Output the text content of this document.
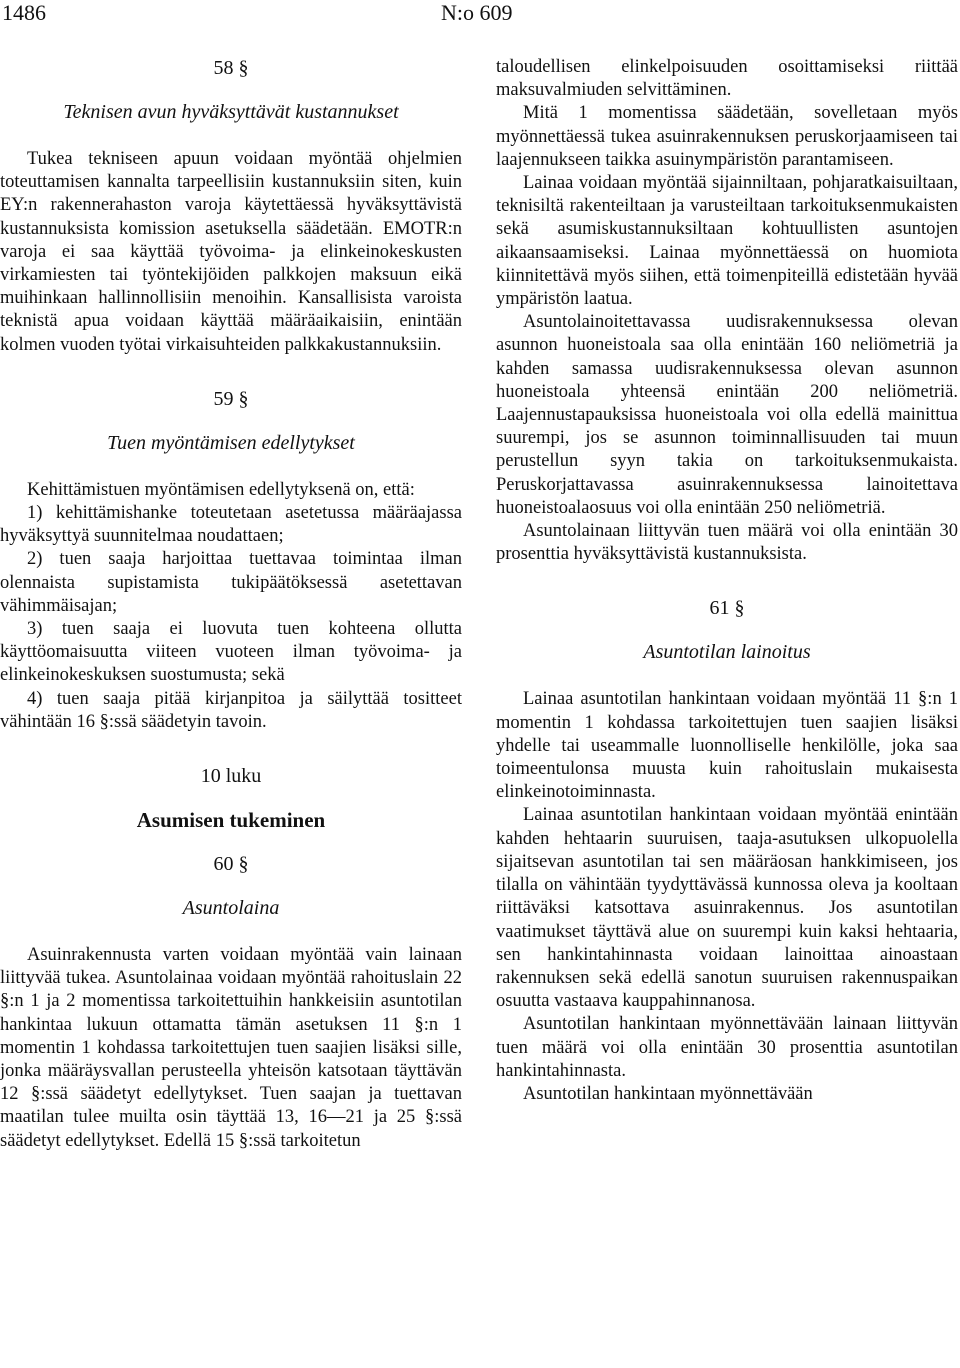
1486	N:o 609
58 §
Teknisen avun hyväksyttävät kustannukset

Tukea tekniseen apuun voidaan myöntää ohjelmien toteuttamisen kannalta tarpeellisiin kustannuksiin siten, kuin EY:n rakennerahaston varoja käytettäessä hyväksyttävistä kustannuksista komission asetuksella säädetään. EMOTR:n varoja ei saa käyttää työvoima- ja elinkeinokeskusten virkamiesten tai työntekijöiden palkkojen maksuun eikä muihinkaan hallinnollisiin menoihin. Kansallisista varoista teknistä apua voidaan käyttää määräaikaisiin, enintään kolmen vuoden työtai virkaisuhteiden palkkakustannuksiin.

59 §
Tuen myöntämisen edellytykset

Kehittämistuen myöntämisen edellytyksenä on, että:

1) kehittämishanke toteutetaan asetetussa määräajassa hyväksyttyä suunnitelmaa noudattaen;

2) tuen saaja harjoittaa tuettavaa toimintaa ilman olennaista supistamista tukipäätöksessä asetettavan vähimmäisajan;

3) tuen saaja ei luovuta tuen kohteena ollutta käyttöomaisuutta viiteen vuoteen ilman työvoima- ja elinkeinokeskuksen suostumusta; sekä

4) tuen saaja pitää kirjanpitoa ja säilyttää tositteet vähintään 16 §:ssä säädetyin tavoin.

10 luku
Asumisen tukeminen
60 §
Asuntolaina

Asuinrakennusta varten voidaan myöntää vain lainaan liittyvää tukea. Asuntolainaa voidaan myöntää rahoituslain 22 §:n 1 ja 2 momentissa tarkoitettuihin hankkeisiin asuntotilan hankintaa lukuun ottamatta tämän asetuksen 11 §:n 1 momentin 1 kohdassa tarkoitettujen tuen saajien lisäksi sille, jonka määräysvallan perusteella yhteisön katsotaan täyttävän 12 §:ssä säädetyt edellytykset. Tuen saajan ja tuettavan maatilan tulee muilta osin täyttää 13, 16—21 ja 25 §:ssä säädetyt edellytykset. Edellä 15 §:ssä tarkoitetun

taloudellisen elinkelpoisuuden osoittamiseksi riittää maksuvalmiuden selvittäminen.

Mitä 1 momentissa säädetään, sovelletaan myös myönnettäessä tukea asuinrakennuksen peruskorjaamiseen tai laajennukseen taikka asuinympäristön parantamiseen.

Lainaa voidaan myöntää sijainniltaan, pohjaratkaisuiltaan, teknisiltä rakenteiltaan ja varusteiltaan tarkoituksenmukaisten sekä asumiskustannuksiltaan kohtuullisten asuntojen aikaansaamiseksi. Lainaa myönnettäessä on huomiota kiinnitettävä myös siihen, että toimenpiteillä edistetään hyvää ympäristön laatua.

Asuntolainoitettavassa uudisrakennuksessa olevan asunnon huoneistoala saa olla enintään 160 neliömetriä ja kahden samassa uudisrakennuksessa olevan asunnon huoneistoala yhteensä enintään 200 neliömetriä. Laajennustapauksissa huoneistoala voi olla edellä mainittua suurempi, jos se asunnon toiminnallisuuden tai muun perustellun syyn takia on tarkoituksenmukaista. Peruskorjattavassa asuinrakennuksessa lainoitettava huoneistoalaosuus voi olla enintään 250 neliömetriä.

Asuntolainaan liittyvän tuen määrä voi olla enintään 30 prosenttia hyväksyttävistä kustannuksista.

61 §
Asuntotilan lainoitus

Lainaa asuntotilan hankintaan voidaan myöntää 11 §:n 1 momentin 1 kohdassa tarkoitettujen tuen saajien lisäksi yhdelle tai useammalle luonnolliselle henkilölle, joka saa toimeentulonsa muusta kuin rahoituslain mukaisesta elinkeinotoiminnasta.

Lainaa asuntotilan hankintaan voidaan myöntää enintään kahden hehtaarin suuruisen, taaja-asutuksen ulkopuolella sijaitsevan asuntotilan tai sen määräosan hankkimiseen, jos tilalla on vähintään tyydyttävässä kunnossa oleva ja kooltaan riittäväksi katsottava asuinrakennus. Jos asuntotilan vaatimukset täyttävä alue on suurempi kuin kaksi hehtaaria, sen hankintahinnasta voidaan lainoittaa ainoastaan rakennuksen sekä edellä sanotun suuruisen rakennuspaikan osuutta vastaava kauppahinnanosa.

Asuntotilan hankintaan myönnettävään lainaan liittyvän tuen määrä voi olla enintään 30 prosenttia asuntotilan hankintahinnasta.

Asuntotilan hankintaan myönnettävään
